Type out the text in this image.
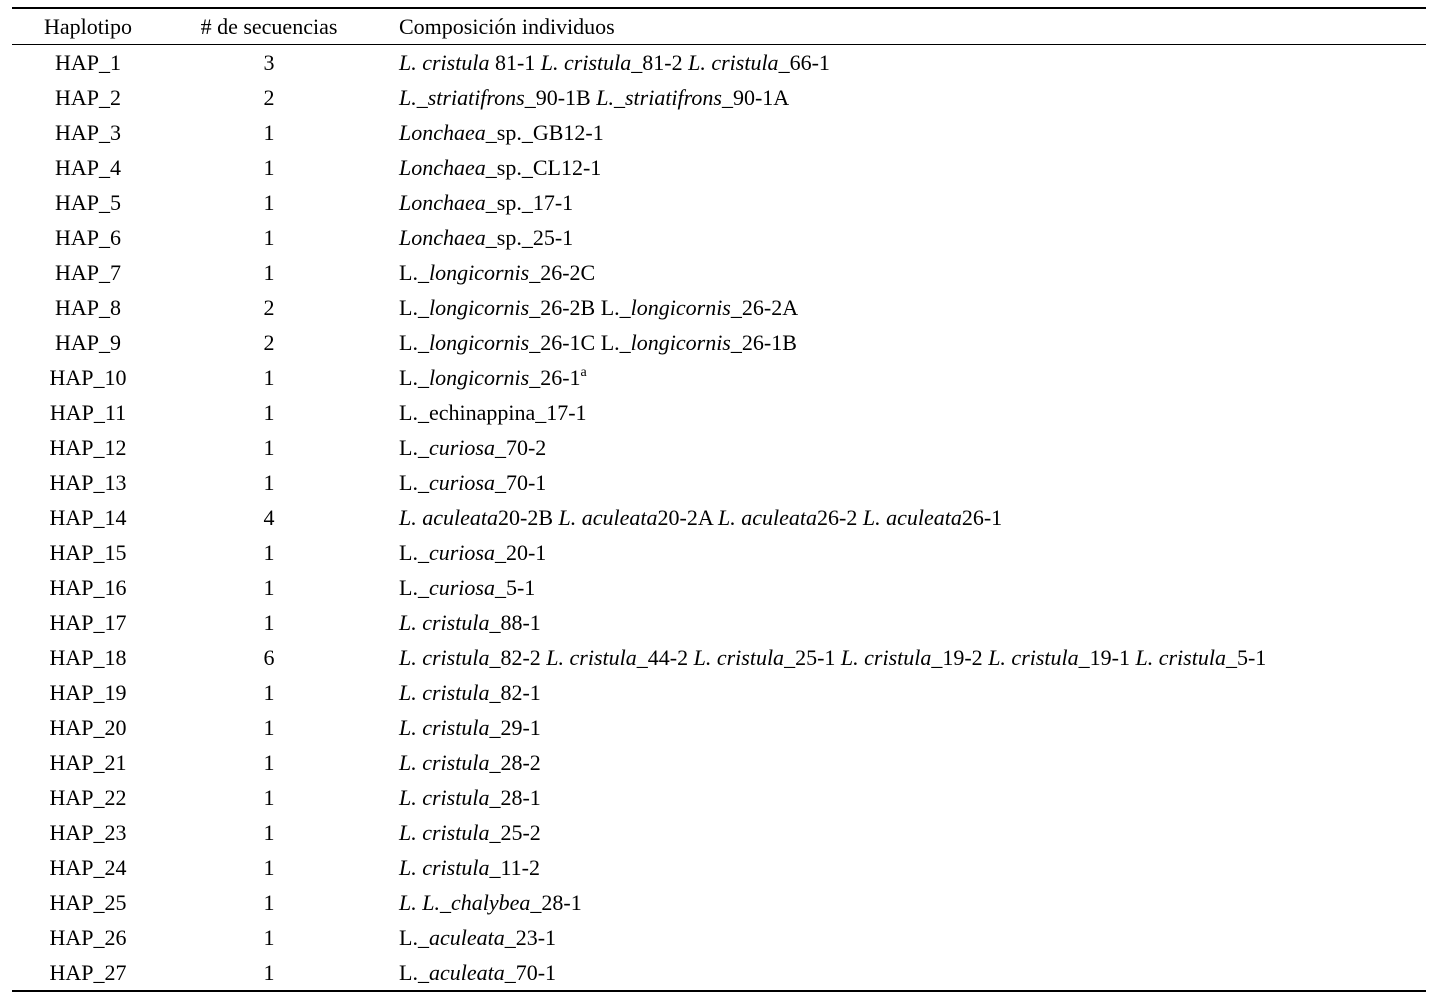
Haplotipo	# de secuencias	Composición individuos
HAP_1	3	L. cristula 81-1 L. cristula_81-2 L. cristula_66-1
HAP_2	2	L._striatifrons_90-1B L._striatifrons_90-1A
HAP_3	1	Lonchaea_sp._GB12-1
HAP_4	1	Lonchaea_sp._CL12-1
HAP_5	1	Lonchaea_sp._17-1
HAP_6	1	Lonchaea_sp._25-1
HAP_7	1	L._longicornis_26-2C
HAP_8	2	L._longicornis_26-2B L._longicornis_26-2A
HAP_9	2	L._longicornis_26-1C L._longicornis_26-1B
HAP_10	1	L._longicornis_26-1$^a$
HAP_11	1	L._echinappina_17-1
HAP_12	1	L._curiosa_70-2
HAP_13	1	L._curiosa_70-1
HAP_14	4	L. aculeata20-2B L. aculeata20-2A L. aculeata26-2 L. aculeata26-1
HAP_15	1	L._curiosa_20-1
HAP_16	1	L._curiosa_5-1
HAP_17	1	L. cristula_88-1
HAP_18	6	L. cristula_82-2 L. cristula_44-2 L. cristula_25-1 L. cristula_19-2 L. cristula_19-1 L. cristula_5-1
HAP_19	1	L. cristula_82-1
HAP_20	1	L. cristula_29-1
HAP_21	1	L. cristula_28-2
HAP_22	1	L. cristula_28-1
HAP_23	1	L. cristula_25-2
HAP_24	1	L. cristula_11-2
HAP_25	1	L. L._chalybea_28-1
HAP_26	1	L._aculeata_23-1
HAP_27	1	L._aculeata_70-1
